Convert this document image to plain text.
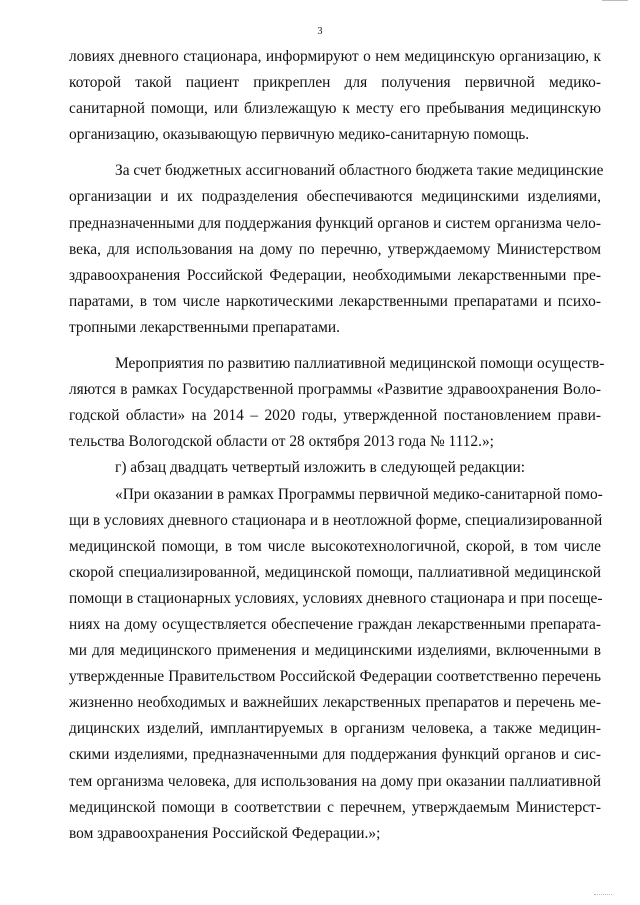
3
ловиях дневного стационара, информируют о нем медицинскую организацию, к
которой такой пациент прикреплен для получения первичной медико-
санитарной помощи, или близлежащую к месту его пребывания медицинскую
организацию, оказывающую первичную медико-санитарную помощь.
За счет бюджетных ассигнований областного бюджета такие медицинские
организации и их подразделения обеспечиваются медицинскими изделиями,
предназначенными для поддержания функций органов и систем организма чело-
века, для использования на дому по перечню, утверждаемому Министерством
здравоохранения Российской Федерации, необходимыми лекарственными пре-
паратами, в том числе наркотическими лекарственными препаратами и психо-
тропными лекарственными препаратами.
Мероприятия по развитию паллиативной медицинской помощи осуществ-
ляются в рамках Государственной программы «Развитие здравоохранения Воло-
годской области» на 2014 – 2020 годы, утвержденной постановлением прави-
тельства Вологодской области от 28 октября 2013 года № 1112.»;
г) абзац двадцать четвертый изложить в следующей редакции:
«При оказании в рамках Программы первичной медико-санитарной помо-
щи в условиях дневного стационара и в неотложной форме, специализированной
медицинской помощи, в том числе высокотехнологичной, скорой, в том числе
скорой специализированной, медицинской помощи, паллиативной медицинской
помощи в стационарных условиях, условиях дневного стационара и при посеще-
ниях на дому осуществляется обеспечение граждан лекарственными препарата-
ми для медицинского применения и медицинскими изделиями, включенными в
утвержденные Правительством Российской Федерации соответственно перечень
жизненно необходимых и важнейших лекарственных препаратов и перечень ме-
дицинских изделий, имплантируемых в организм человека, а также медицин-
скими изделиями, предназначенными для поддержания функций органов и сис-
тем организма человека, для использования на дому при оказании паллиативной
медицинской помощи в соответствии с перечнем, утверждаемым Министерст-
вом здравоохранения Российской Федерации.»;
